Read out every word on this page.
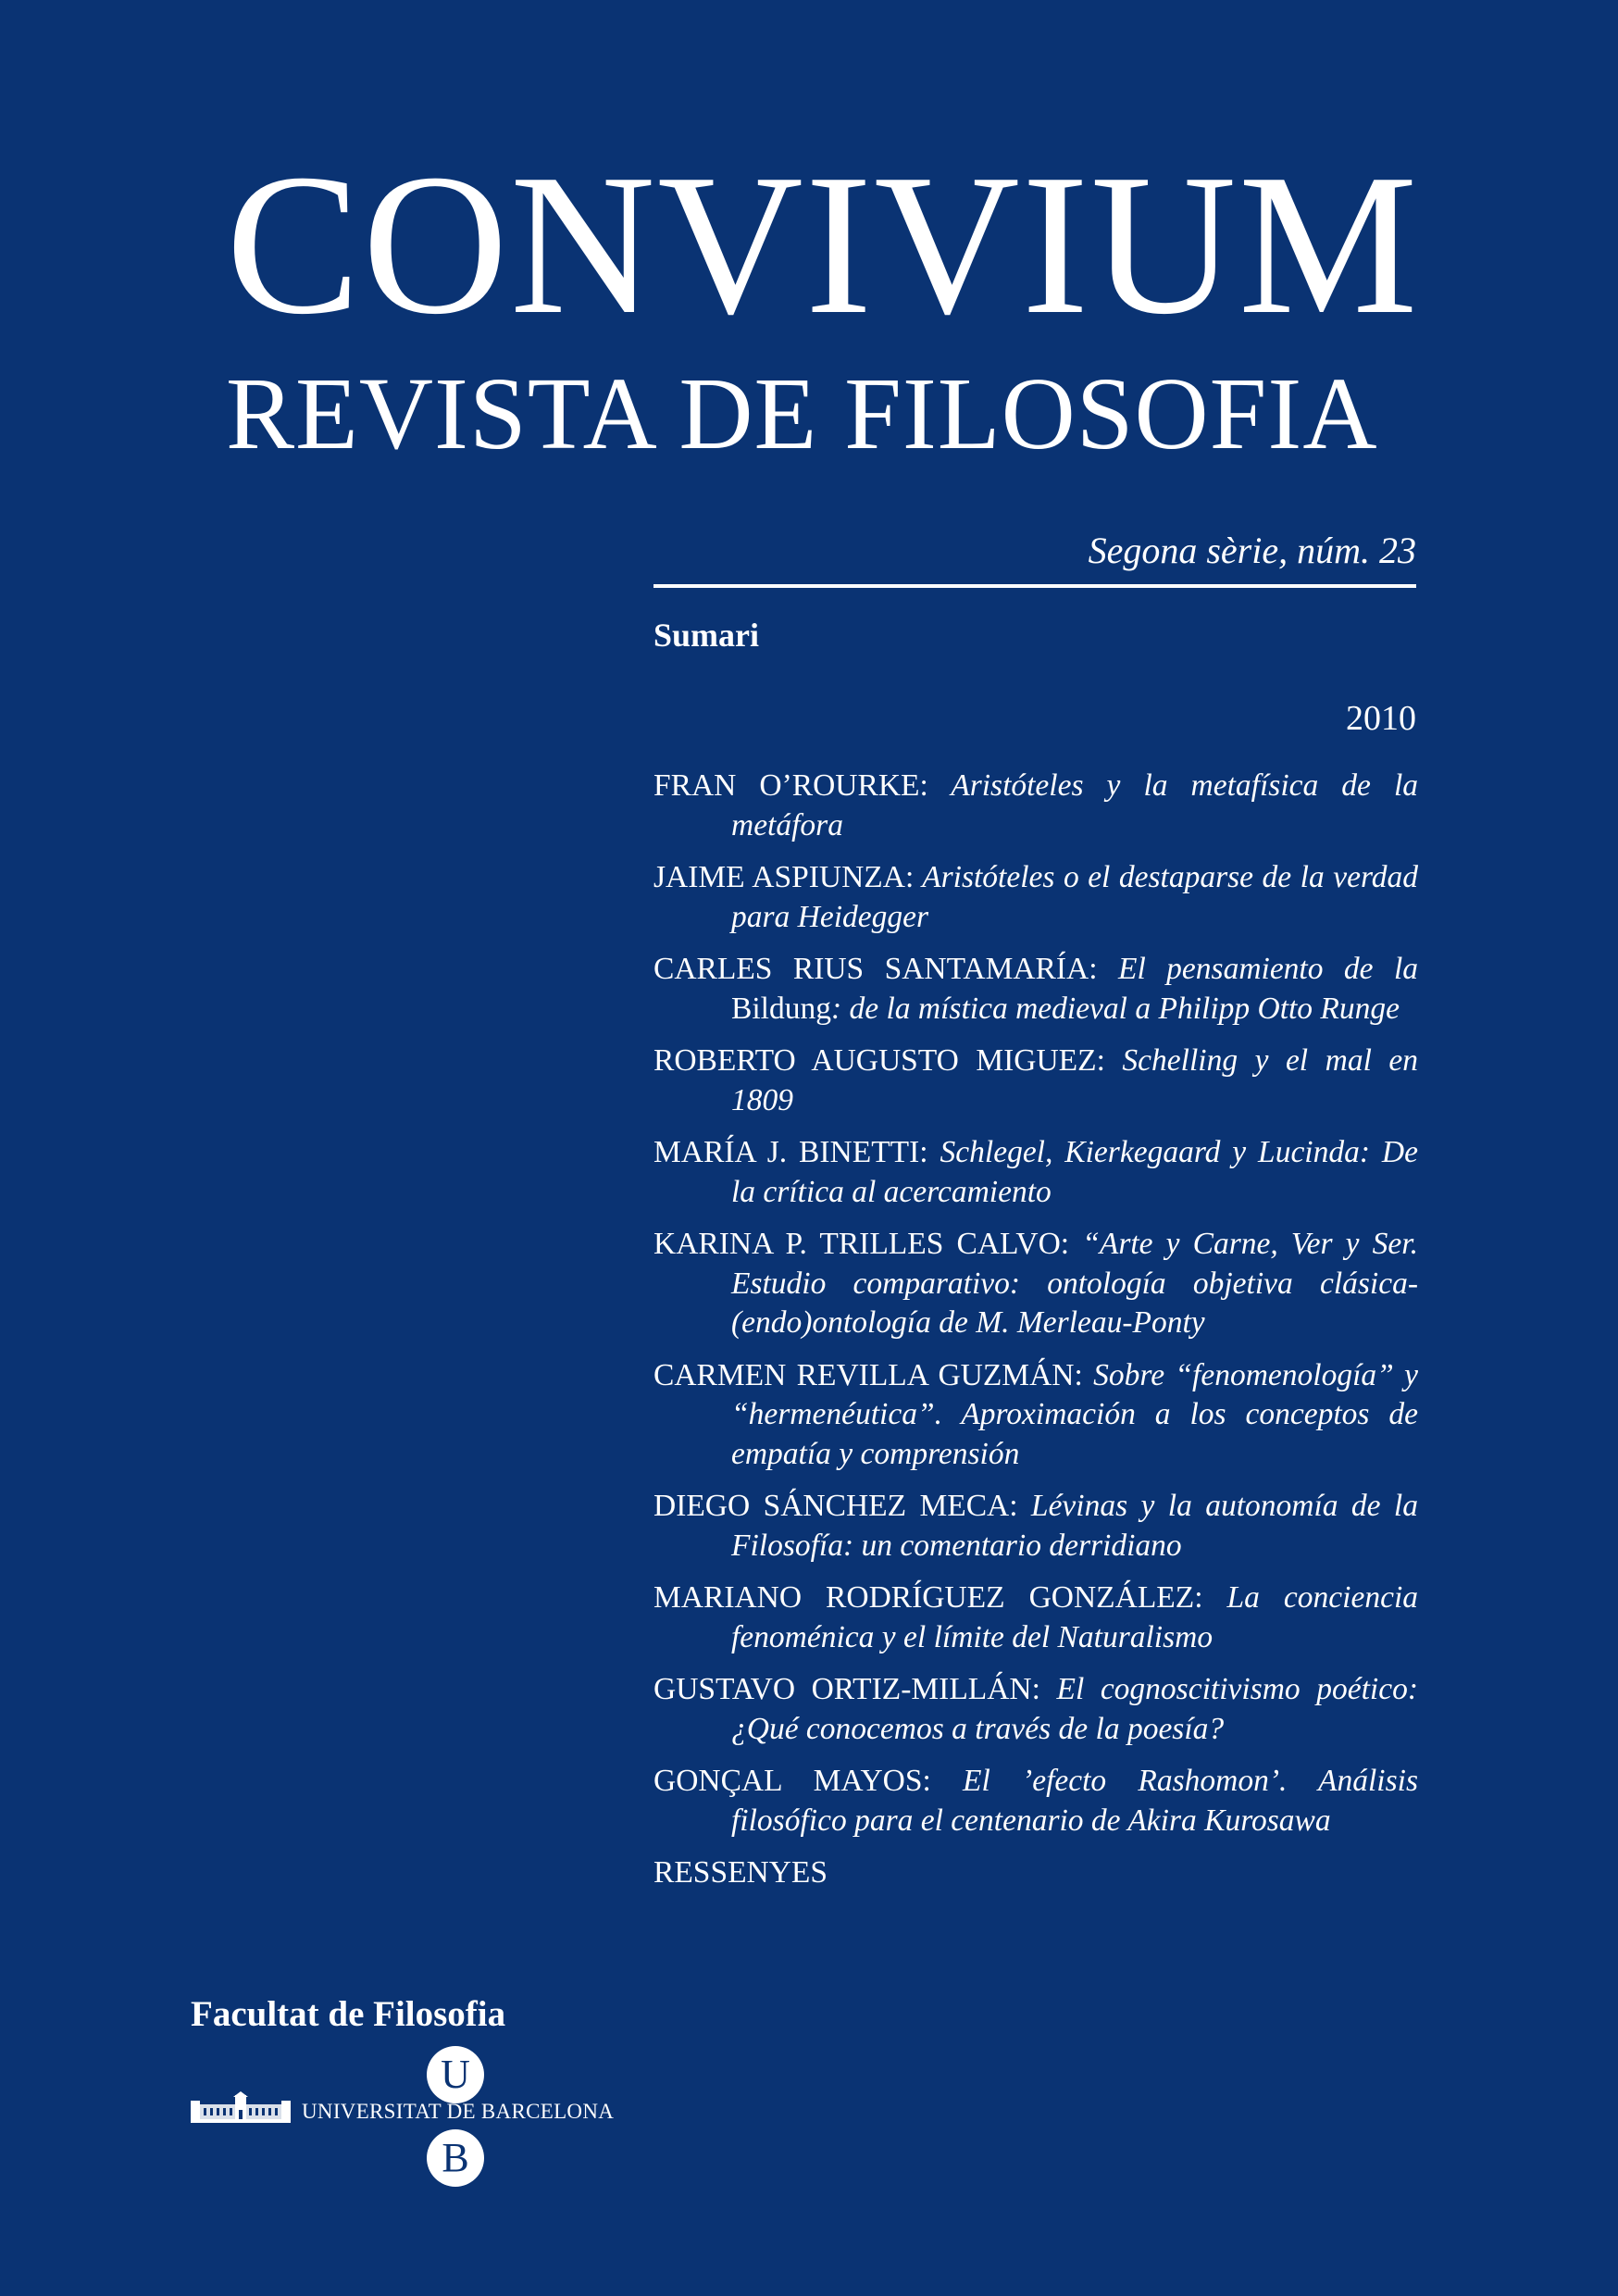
CONVIVIUM
REVISTA DE FILOSOFIA
Segona sèrie, núm. 23
Sumari
2010
FRAN O’ROURKE: Aristóteles y la metafísica de la metáfora
JAIME ASPIUNZA: Aristóteles o el destaparse de la verdad para Heidegger
CARLES RIUS SANTAMARÍA: El pensamiento de la Bildung: de la mística medieval a Philipp Otto Runge
ROBERTO AUGUSTO MIGUEZ: Schelling y el mal en 1809
MARÍA J. BINETTI: Schlegel, Kierkegaard y Lucinda: De la crítica al acercamiento
KARINA P. TRILLES CALVO: “Arte y Carne, Ver y Ser. Estudio comparativo: ontología objetiva clásica-(endo)ontología de M. Merleau-Ponty
CARMEN REVILLA GUZMÁN: Sobre “fenomenología” y “hermenéutica”. Aproximación a los conceptos de empatía y comprensión
DIEGO SÁNCHEZ MECA: Lévinas y la autonomía de la Filosofía: un comentario derridiano
MARIANO RODRÍGUEZ GONZÁLEZ: La conciencia fenoménica y el límite del Naturalismo
GUSTAVO ORTIZ-MILLÁN: El cognoscitivismo poético: ¿Qué conocemos a través de la poesía?
GONÇAL MAYOS: El ’efecto Rashomon’. Análisis filosófico para el centenario de Akira Kurosawa
RESSENYES
Facultat de Filosofia
U
UNIVERSITAT DE BARCELONA
B
